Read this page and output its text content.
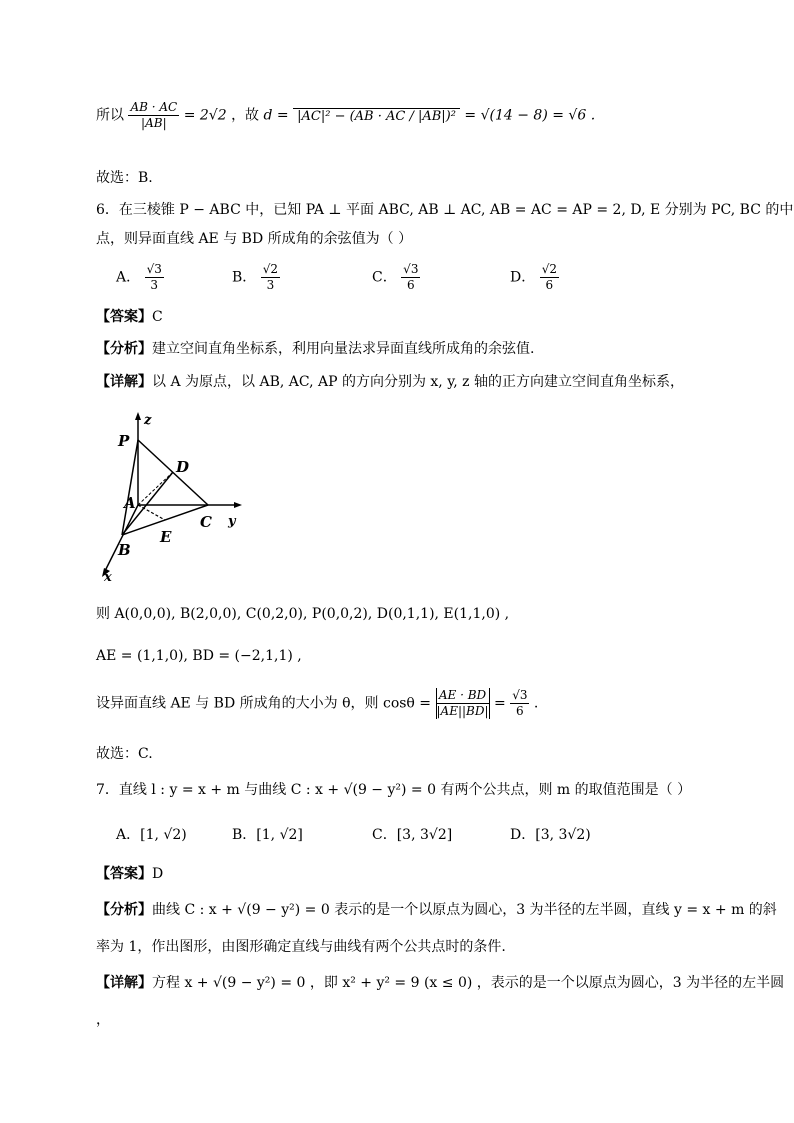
所以 $\frac{AB \cdot AC}{|AB|} = 2√2$ ，故 d = |AC|² − (AB · AC / |AB|)² = √(14 − 8) = √6 .
故选：B.
6．在三棱锥 P − ABC 中，已知 PA ⊥ 平面 ABC, AB ⊥ AC, AB = AC = AP = 2, D, E 分别为 PC, BC 的中
点，则异面直线 AE 与 BD 所成角的余弦值为（ ）
A． $\frac{√3}{3}$	B． $\frac{√2}{3}$	C． $\frac{√3}{6}$	D． $\frac{√2}{6}$
【答案】C
【分析】建立空间直角坐标系，利用向量法求异面直线所成角的余弦值.
【详解】以 A 为原点，以 AB, AC, AP 的方向分别为 x, y, z 轴的正方向建立空间直角坐标系，
z
P
D
A
C y
B
E
x
则 A(0,0,0), B(2,0,0), C(0,2,0), P(0,0,2), D(0,1,1), E(1,1,0) ,
AE = (1,1,0), BD = (−2,1,1) ,
设异面直线 AE 与 BD 所成角的大小为 θ，则 $\cos\theta = \frac{AE \cdot BD}{|AE||BD|} = \frac{√3}{6}$ .
故选：C.
7．直线 l : y = x + m 与曲线 C : x + √(9 − y²) = 0 有两个公共点，则 m 的取值范围是（ ）
A．[1, √2)	B．[1, √2]	C．[3, 3√2]	D．[3, 3√2)
【答案】D
【分析】曲线 C : x + √(9 − y²) = 0 表示的是一个以原点为圆心，3 为半径的左半圆，直线 y = x + m 的斜
率为 1，作出图形，由图形确定直线与曲线有两个公共点时的条件.
【详解】方程 x + √(9 − y²) = 0 ，即 x² + y² = 9 (x ≤ 0) ，表示的是一个以原点为圆心，3 为半径的左半圆
，
